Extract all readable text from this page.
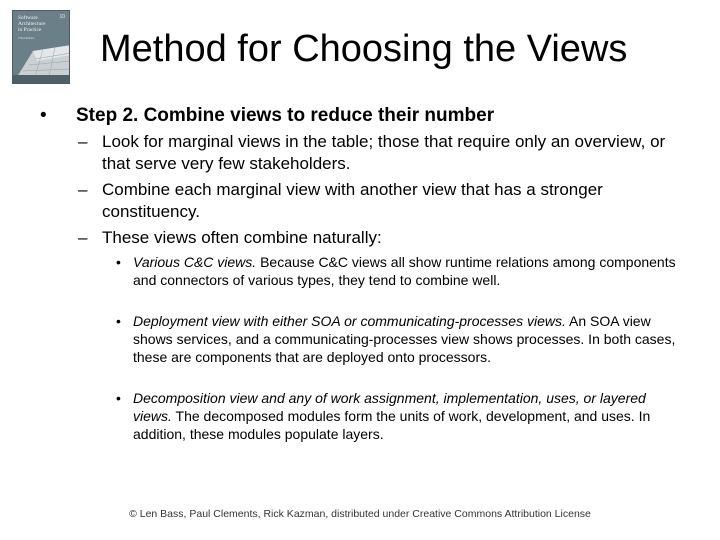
Software
Architecture
in Practice

10
Third Edition Method for Choosing the Views
• Step 2. Combine views to reduce their number
– Look for marginal views in the table; those that require only an overview, or that serve very few stakeholders.
– Combine each marginal view with another view that has a stronger constituency.
– These views often combine naturally:
• Various C&C views. Because C&C views all show runtime relations among components and connectors of various types, they tend to combine well.
• Deployment view with either SOA or communicating-processes views. An SOA view shows services, and a communicating-processes view shows processes. In both cases, these are components that are deployed onto processors.
• Decomposition view and any of work assignment, implementation, uses, or layered views. The decomposed modules form the units of work, development, and uses. In addition, these modules populate layers.
© Len Bass, Paul Clements, Rick Kazman, distributed under Creative Commons Attribution License
